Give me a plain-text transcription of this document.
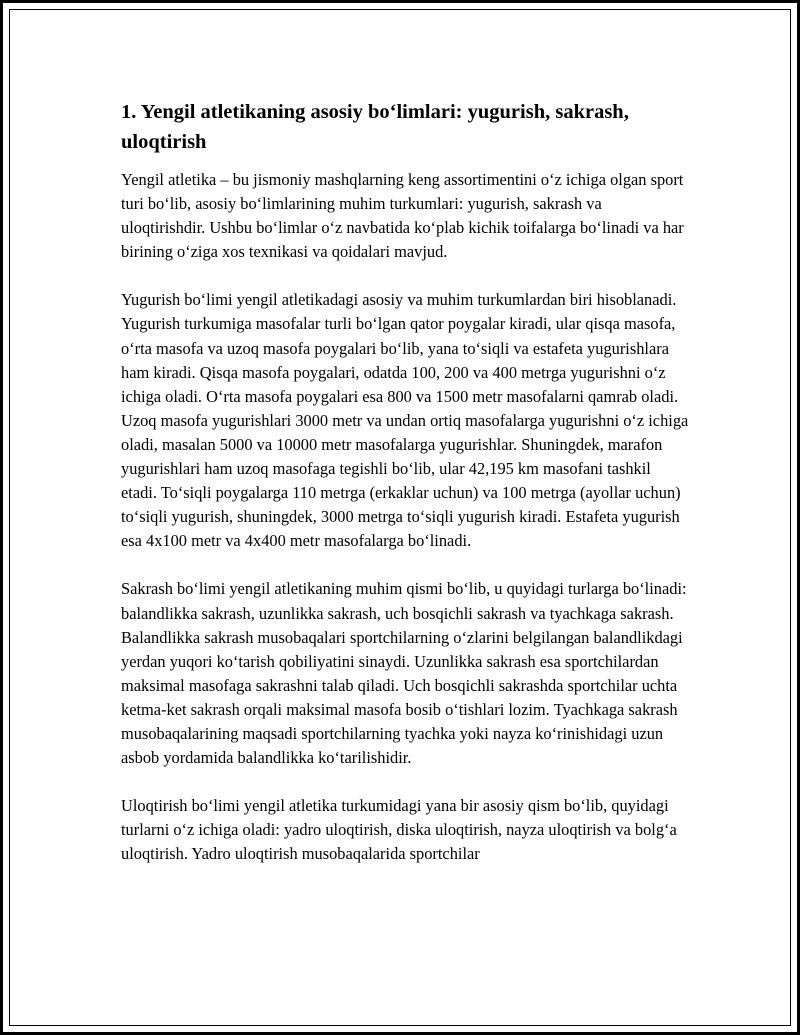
1. Yengil atletikaning asosiy bo‘limlari: yugurish, sakrash, uloqtirish
Yengil atletika – bu jismoniy mashqlarning keng assortimentini o‘z ichiga olgan sport turi bo‘lib, asosiy bo‘limlarining muhim turkumlari: yugurish, sakrash va uloqtirishdir. Ushbu bo‘limlar o‘z navbatida ko‘plab kichik toifalarga bo‘linadi va har birining o‘ziga xos texnikasi va qoidalari mavjud.
Yugurish bo‘limi yengil atletikadagi asosiy va muhim turkumlardan biri hisoblanadi. Yugurish turkumiga masofalar turli bo‘lgan qator poygalar kiradi, ular qisqa masofa, o‘rta masofa va uzoq masofa poygalari bo‘lib, yana to‘siqli va estafeta yugurishlara ham kiradi. Qisqa masofa poygalari, odatda 100, 200 va 400 metrga yugurishni o‘z ichiga oladi. O‘rta masofa poygalari esa 800 va 1500 metr masofalarni qamrab oladi. Uzoq masofa yugurishlari 3000 metr va undan ortiq masofalarga yugurishni o‘z ichiga oladi, masalan 5000 va 10000 metr masofalarga yugurishlar. Shuningdek, marafon yugurishlari ham uzoq masofaga tegishli bo‘lib, ular 42,195 km masofani tashkil etadi. To‘siqli poygalarga 110 metrga (erkaklar uchun) va 100 metrga (ayollar uchun) to‘siqli yugurish, shuningdek, 3000 metrga to‘siqli yugurish kiradi. Estafeta yugurish esa 4x100 metr va 4x400 metr masofalarga bo‘linadi.
Sakrash bo‘limi yengil atletikaning muhim qismi bo‘lib, u quyidagi turlarga bo‘linadi: balandlikka sakrash, uzunlikka sakrash, uch bosqichli sakrash va tyachkaga sakrash. Balandlikka sakrash musobaqalari sportchilarning o‘zlarini belgilangan balandlikdagi yerdan yuqori ko‘tarish qobiliyatini sinaydi. Uzunlikka sakrash esa sportchilardan maksimal masofaga sakrashni talab qiladi. Uch bosqichli sakrashda sportchilar uchta ketma-ket sakrash orqali maksimal masofa bosib o‘tishlari lozim. Tyachkaga sakrash musobaqalarining maqsadi sportchilarning tyachka yoki nayza ko‘rinishidagi uzun asbob yordamida balandlikka ko‘tarilishidir.
Uloqtirish bo‘limi yengil atletika turkumidagi yana bir asosiy qism bo‘lib, quyidagi turlarni o‘z ichiga oladi: yadro uloqtirish, diska uloqtirish, nayza uloqtirish va bolg‘a uloqtirish. Yadro uloqtirish musobaqalarida sportchilar
